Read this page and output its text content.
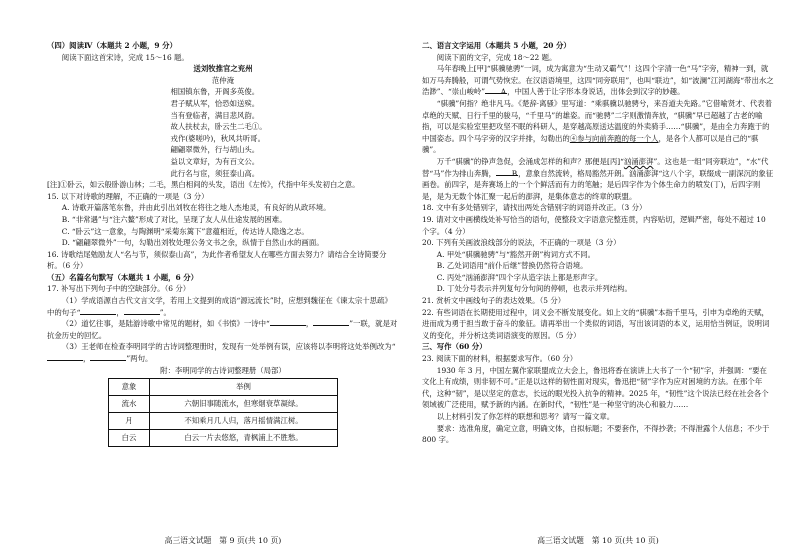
（四）阅读Ⅳ（本题共 2 小题，9 分）

阅读下面这首宋诗，完成 15～16 题。

送刘牧推官之兖州

范仲淹

相国镇东鲁，开阁多英俊。
君子赋从军，恰恐如送殡。
当有登临者，满目悲风韵。
故人扶杖去，卧云生二毛①。
戎作(婆嗟吟)，秋风共听哥。
翩翩翠微外，行与胡山头。
益以文章好，为有百文公。
此行名与宦，须狂泰山高。

[注]①卧云，如云般卧游山林；二毛，黑白相间的头发，语出《左传》，代指中年头发初白之意。

15. 以下对诗歌的理解，不正确的一项是（3 分）

A. 诗歌开篇落笔东鲁，并由此引出刘牧在将往之地人杰地灵，有良好的从政环境。

B. “非常遇”与“注六鳌”形成了对比，呈现了友人从仕途发展的困难。

C. “卧云”这一意象，与陶渊明“采菊东篱下”意蕴相近，传达诗人隐逸之志。

D. “翩翩翠微外”一句，勾勒出刘牧处理公务文书之余，纵情于自然山水的画面。

16. 诗歌结尾勉励友人“名与节，须似泰山高”，为此作者希望友人在哪些方面去努力？请结合全诗简要分析。（6 分）

（五）名篇名句默写（本题共 1 小题，6 分）

17. 补写出下列句子中的空缺部分。（6 分）

（1）学成语源自古代文言文学，若用上文提到的成语“源远流长”时，应想到魏征在《谏太宗十思疏》中的句子“	，	”。

（2）道忆往事，是陆游诗歌中常见的题材，如《书愤》一诗中“	，	”一联，就是对抗金历史的回忆。

（3）王老师在检查李明同学的古诗词整理册时，发现有一处举例有误，应该将以李明将这处举例改为“，	”两句。

附：李明同学的古诗词整理册（局部）

意象	举例
流水	六朝旧事随流水，但寒烟衰草凝绿。
月	不知乘月几人归，落月摇情满江树。
白云	白云一片去悠悠，青枫浦上不胜愁。

二、语言文字运用（本题共 5 小题，20 分）

阅读下面的文字，完成 18～22 题。

马年春晚上[甲]“骐骥驰骋”一词，成为寓意为“生动又霸气”！这四个字清一色“马”字旁，精神一到，就如万马奔腾般，可谓气势恢宏。在汉语语境里，这四“同旁联用”，也叫“联边”，如“波澜”江河湖海“带出水之浩渺”、“崇山峻岭” A，中国人善于让字形本身说话，出体会到汉字的妙趣。

“骐骥”何指？绝非凡马。《楚辞·离骚》里写道：“乘骐骥以驰骋兮，来吾道夫先路。”它借喻贤才、代表着卓绝的天赋、日行千里的骏马，“千里马”的雄姿。而“驰骋”二字则激情奔放，“骐骥”早已超越了古老的喻指，可以是实验室里把攻坚不眠的科研人，是穿越高原送达温度的外卖骑手……“骐骥”，是由全力奔跑于的中国姿态。四个马字旁的汉字并排，勾勒出的④参与向前奔跑的每一个人，是各个人都可以是自己的“骐骥”。

万千“骐骥”的铮声急促，会涌成怎样的和声？那便是[丙]“汹涌澎湃”。这也是一组“同旁联边”，“水”代替“马”作为排山奔腾， B，意象自然流转，格局豁然开朗。汹涌澎湃“这八个字，联缀成一副深沉的象征画卷。前四字，是奔赛场上的一个个鲜活而有力的笔触；是后四字作为个体生命力的喷发(丁)，后四字则是，是为无数个体汇聚一起后的澎湃，是集体意志的终章的联盟。

18. 文中有多处错别字，请找出两处含错别字的词语并改正。（3 分）

19. 请对文中画横线处补写恰当的语句，使整段文字语意完整连贯，内容贴切，逻辑严密，每处不超过 10 个字。（4 分）

20. 下列有关画波浪线部分的说法，不正确的一项是（3 分）

A. 甲处“骐骥驰骋”与“豁然开朗”构词方式不同。

B. 乙处词语用“前仆后继”替换仍然符合语境。

C. 丙处“汹涌澎湃”四个字从造字法上都是形声字。

D. 丁处分号表示并列复句分句间的停顿，也表示并列结构。

21. 赏析文中画线句子的表达效果。（5 分）

22. 有些词语在长期使用过程中，词义会不断发展变化。如上文的“骐骥”本指千里马，引申为卓绝的天赋，进而成为勇于担当敢于奋斗的象征。请再举出一个类似的词语，写出该词语的本义，运用恰当例证，说明词义的变化，并分析这类词语演变的原因。（5 分）

三、写作（60 分）

23. 阅读下面的材料，根据要求写作。（60 分）

1930 年 3 月，中国左翼作家联盟成立大会上，鲁迅将香在演讲上大书了一个“韧”字，并强调：“要在文化上有成绩，则非韧不可。”正是以这样的韧性面对现实，鲁迅把“韧”字作为应对困境的方法。在那个年代，这种“韧”，是以坚定的意志，长远的眼光投入抗争的精神。2025 年，“韧性”这个说法已经在社会各个领域被广泛使用，赋予新的内涵。在新时代，“韧性”是一种坚守的决心和毅力……

以上材料引发了你怎样的联想和思考？请写一篇文章。

要求：选准角度，确定立意，明确文体，自拟标题；不要套作，不得抄袭；不得泄露个人信息；不少于 800 字。

高三语文试题　第 9 页(共 10 页)	高三语文试题　第 10 页(共 10 页)
